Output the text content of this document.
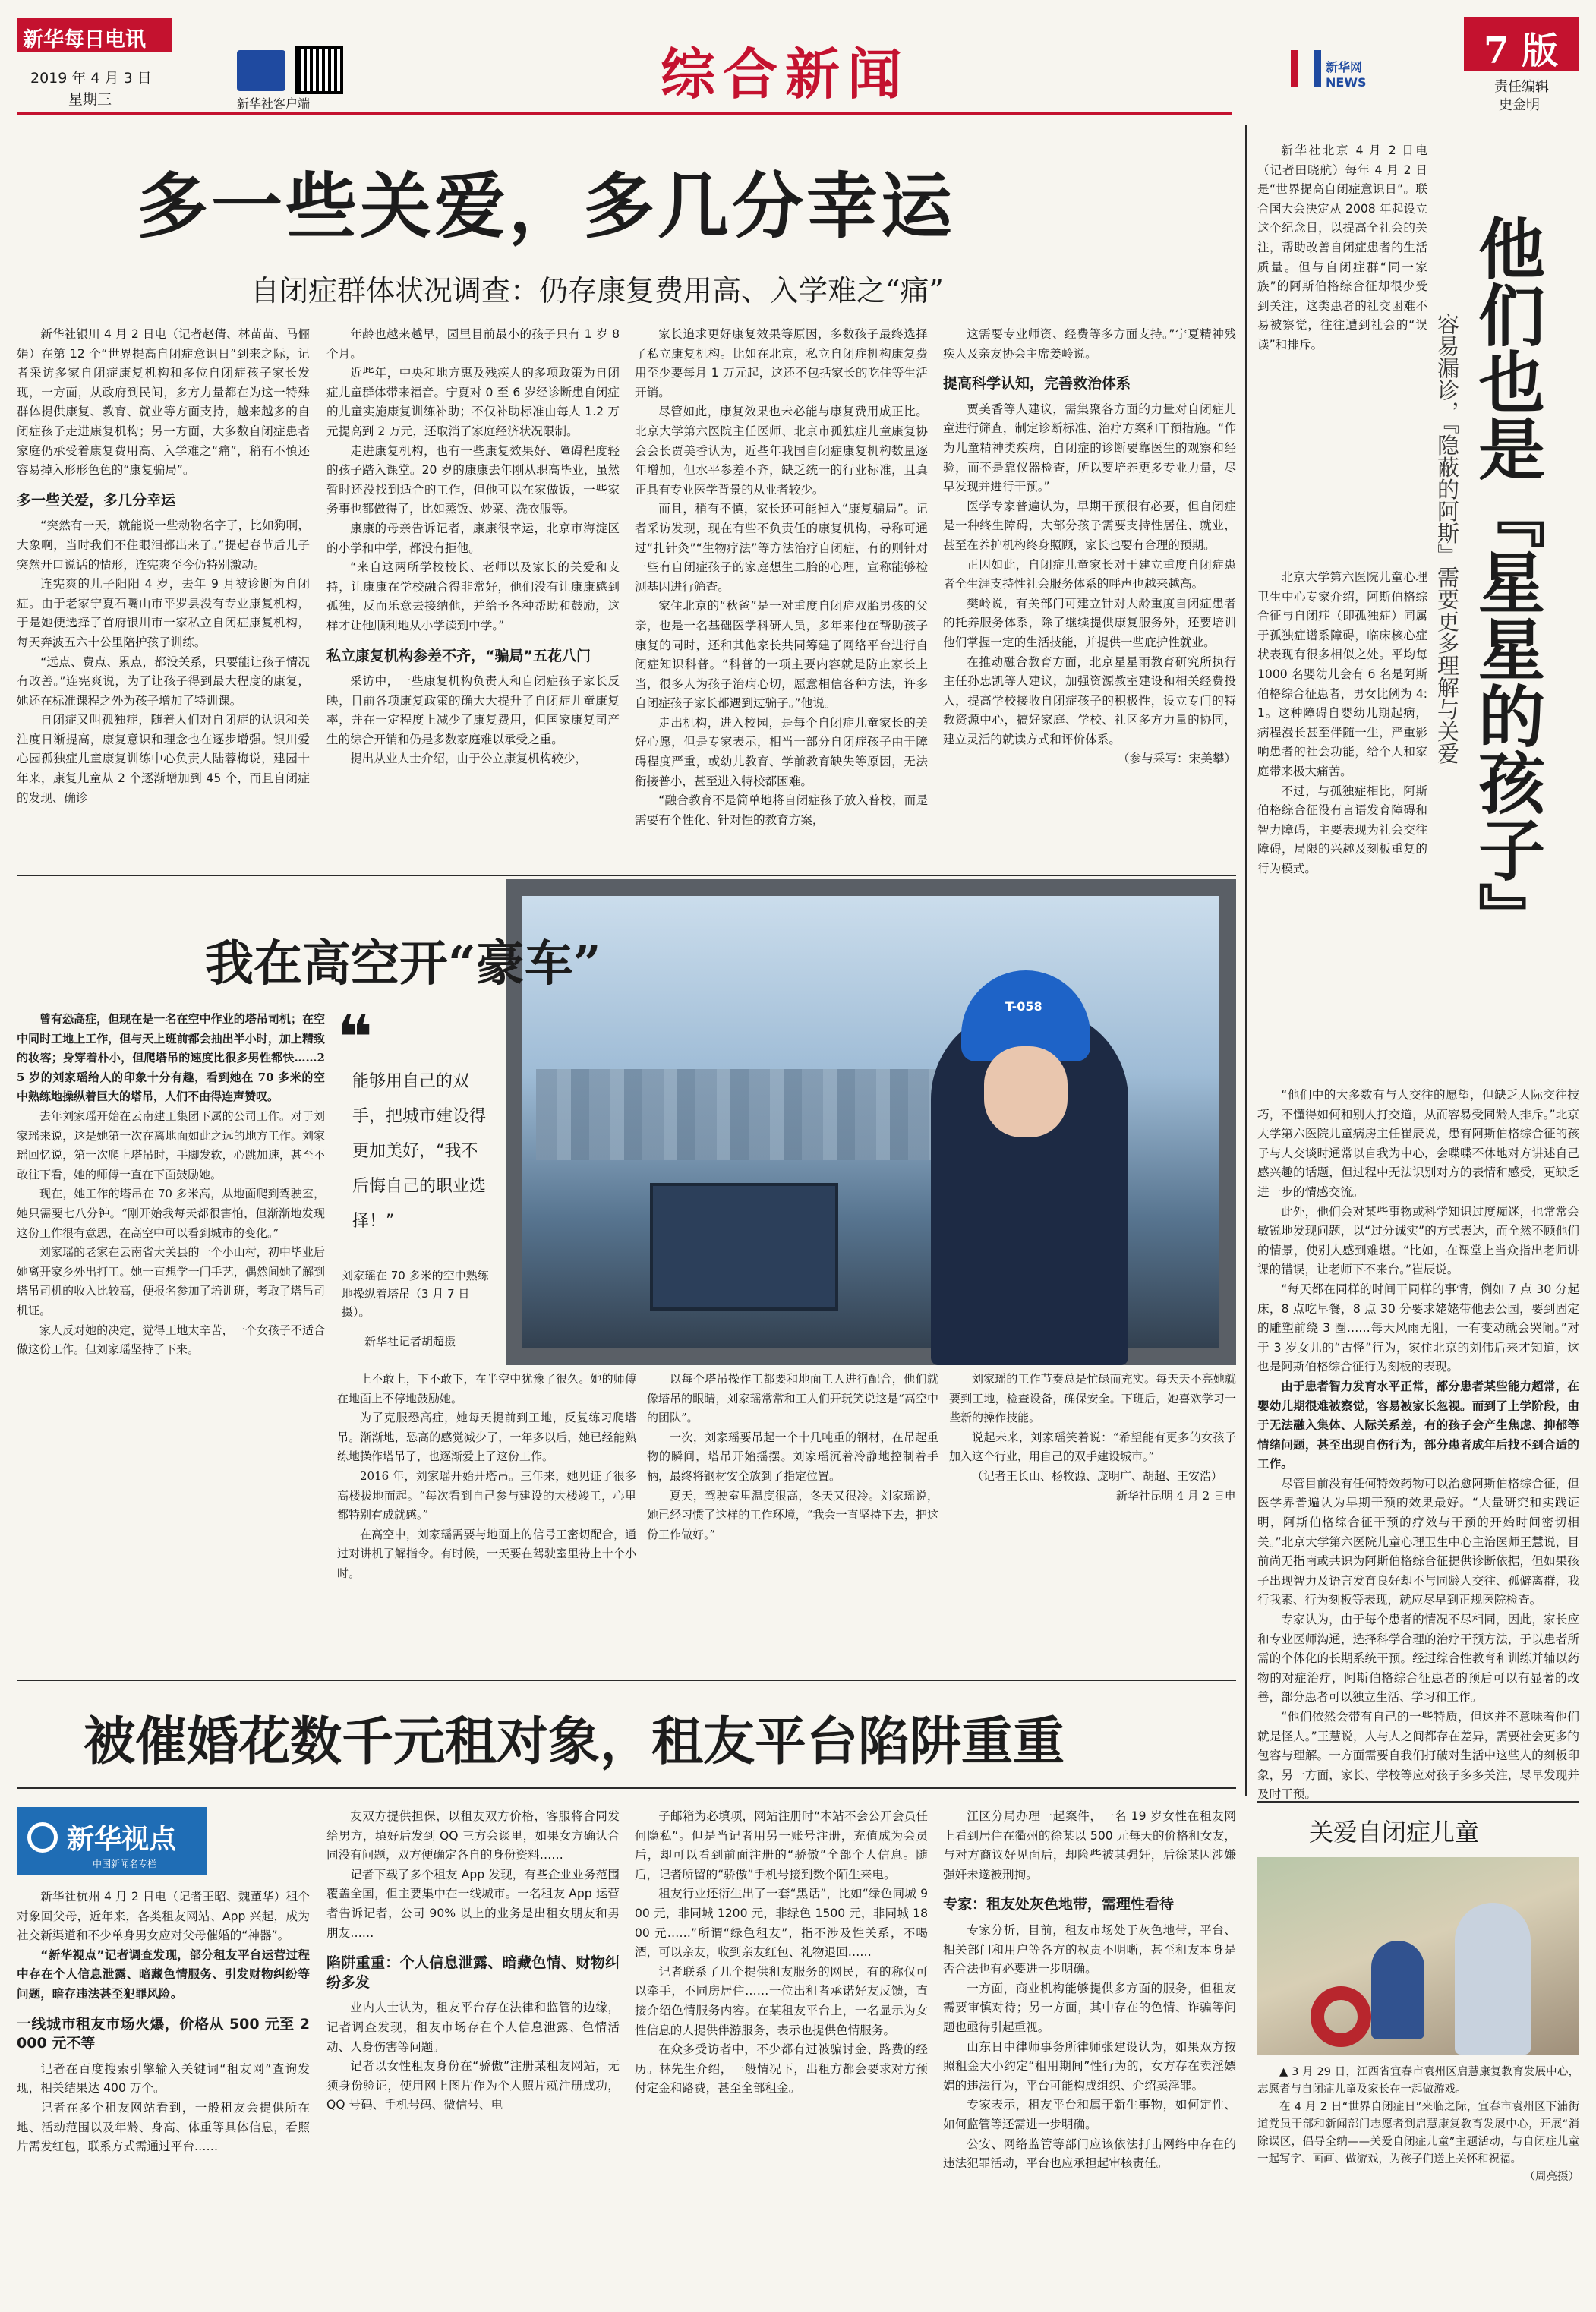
新华每日电讯
2019 年 4 月 3 日
星期三	新华社客户端	综合新闻	新华网 NEWS
7 版
责任编辑
史金明
多一些关爱，多几分幸运
自闭症群体状况调查：仍存康复费用高、入学难之“痛”

新华社银川 4 月 2 日电（记者赵倩、林苗苗、马俪娟）在第 12 个“世界提高自闭症意识日”到来之际，记者采访多家自闭症康复机构和多位自闭症孩子家长发现，一方面，从政府到民间，多方力量都在为这一特殊群体提供康复、教育、就业等方面支持，越来越多的自闭症孩子走进康复机构；另一方面，大多数自闭症患者家庭仍承受着康复费用高、入学难之“痛”，稍有不慎还容易掉入形形色色的“康复骗局”。

多一些关爱，多几分幸运

“突然有一天，就能说一些动物名字了，比如狗啊，大象啊，当时我们不住眼泪都出来了。”提起春节后儿子突然开口说话的情形，连宪爽至今仍特别激动。

连宪爽的儿子阳阳 4 岁，去年 9 月被诊断为自闭症。由于老家宁夏石嘴山市平罗县没有专业康复机构，于是她便选择了首府银川市一家私立自闭症康复机构，每天奔波五六十公里陪护孩子训练。

“远点、费点、累点，都没关系，只要能让孩子情况有改善。”连宪爽说，为了让孩子得到最大程度的康复，她还在标准课程之外为孩子增加了特训课。

自闭症又叫孤独症，随着人们对自闭症的认识和关注度日渐提高，康复意识和理念也在逐步增强。银川爱心园孤独症儿童康复训练中心负责人陆蓉梅说，建园十年来，康复儿童从 2 个逐渐增加到 45 个，而且自闭症的发现、确诊

年龄也越来越早，园里目前最小的孩子只有 1 岁 8 个月。

近些年，中央和地方惠及残疾人的多项政策为自闭症儿童群体带来福音。宁夏对 0 至 6 岁经诊断患自闭症的儿童实施康复训练补助；不仅补助标准由每人 1.2 万元提高到 2 万元，还取消了家庭经济状况限制。

走进康复机构，也有一些康复效果好、障碍程度轻的孩子踏入课堂。20 岁的康康去年刚从职高毕业，虽然暂时还没找到适合的工作，但他可以在家做饭，一些家务事也都做得了，比如蒸饭、炒菜、洗衣服等。

康康的母亲告诉记者，康康很幸运，北京市海淀区的小学和中学，都没有拒他。

“来自这两所学校校长、老师以及家长的关爱和支持，让康康在学校融合得非常好，他们没有让康康感到孤独，反而乐意去接纳他，并给予各种帮助和鼓励，这样才让他顺利地从小学读到中学。”

私立康复机构参差不齐，“骗局”五花八门

采访中，一些康复机构负责人和自闭症孩子家长反映，目前各项康复政策的确大大提升了自闭症儿童康复率，并在一定程度上减少了康复费用，但国家康复司产生的综合开销和仍是多数家庭难以承受之重。

提出从业人士介绍，由于公立康复机构较少，

家长追求更好康复效果等原因，多数孩子最终选择了私立康复机构。比如在北京，私立自闭症机构康复费用至少要每月 1 万元起，这还不包括家长的吃住等生活开销。

尽管如此，康复效果也未必能与康复费用成正比。北京大学第六医院主任医师、北京市孤独症儿童康复协会会长贾美香认为，近些年我国自闭症康复机构数量逐年增加，但水平参差不齐，缺乏统一的行业标准，且真正具有专业医学背景的从业者较少。

而且，稍有不慎，家长还可能掉入“康复骗局”。记者采访发现，现在有些不负责任的康复机构，导称可通过“扎针灸”“生物疗法”等方法治疗自闭症，有的则针对一些有自闭症孩子的家庭想生二胎的心理，宣称能够检测基因进行筛查。

家住北京的“秋爸”是一对重度自闭症双胎男孩的父亲，也是一名基础医学科研人员，多年来他在帮助孩子康复的同时，还和其他家长共同筹建了网络平台进行自闭症知识科普。“科普的一项主要内容就是防止家长上当，很多人为孩子治病心切，愿意相信各种方法，许多自闭症孩子家长都遇到过骗子。”他说。

走出机构，进入校园，是每个自闭症儿童家长的美好心愿，但是专家表示，相当一部分自闭症孩子由于障碍程度严重，或幼儿教育、学前教育缺失等原因，无法衔接普小，甚至进入特校都困难。

“融合教育不是简单地将自闭症孩子放入普校，而是需要有个性化、针对性的教育方案，

这需要专业师资、经费等多方面支持。”宁夏精神残疾人及亲友协会主席姜岭说。

提高科学认知，完善救治体系

贾美香等人建议，需集聚各方面的力量对自闭症儿童进行筛查，制定诊断标准、治疗方案和干预措施。“作为儿童精神类疾病，自闭症的诊断要靠医生的观察和经验，而不是靠仪器检查，所以要培养更多专业力量，尽早发现并进行干预。”

医学专家普遍认为，早期干预很有必要，但自闭症是一种终生障碍，大部分孩子需要支持性居住、就业，甚至在养护机构终身照顾，家长也要有合理的预期。

正因如此，自闭症儿童家长对于建立重度自闭症患者全生涯支持性社会服务体系的呼声也越来越高。

樊岭说，有关部门可建立针对大龄重度自闭症患者的托养服务体系，除了继续提供康复服务外，还要培训他们掌握一定的生活技能，并提供一些庇护性就业。

在推动融合教育方面，北京星星雨教育研究所执行主任孙忠凯等人建议，加强资源教室建设和相关经费投入，提高学校接收自闭症孩子的积极性，设立专门的特教资源中心，搞好家庭、学校、社区多方力量的协同，建立灵活的就读方式和评价体系。

（参与采写：宋美攀）

T-058
我在高空开“豪车”

曾有恐高症，但现在是一名在空中作业的塔吊司机；在空中同时工地上工作，但与天上班前都会抽出半小时，加上精致的妆容；身穿着朴小，但爬塔吊的速度比很多男性都快……25 岁的刘家瑶给人的印象十分有趣，看到她在 70 多米的空中熟练地操纵着巨大的塔吊，人们不由得连声赞叹。

去年刘家瑶开始在云南建工集团下属的公司工作。对于刘家瑶来说，这是她第一次在离地面如此之远的地方工作。刘家瑶回忆说，第一次爬上塔吊时，手脚发软，心跳加速，甚至不敢往下看，她的师傅一直在下面鼓励她。

现在，她工作的塔吊在 70 多米高，从地面爬到驾驶室，她只需要七八分钟。“刚开始我每天都很害怕，但渐渐地发现这份工作很有意思，在高空中可以看到城市的变化。”

刘家瑶的老家在云南省大关县的一个小山村，初中毕业后她离开家乡外出打工。她一直想学一门手艺，偶然间她了解到塔吊司机的收入比较高，便报名参加了培训班，考取了塔吊司机证。

家人反对她的决定，觉得工地太辛苦，一个女孩子不适合做这份工作。但刘家瑶坚持了下来。

❝
能够用自己的双手，把城市建设得更加美好，“我不后悔自己的职业选择！”
刘家瑶在 70 多米的空中熟练地操纵着塔吊（3 月 7 日摄）。
新华社记者胡超摄

上不敢上，下不敢下，在半空中犹豫了很久。她的师傅在地面上不停地鼓励她。

为了克服恐高症，她每天提前到工地，反复练习爬塔吊。渐渐地，恐高的感觉减少了，一年多以后，她已经能熟练地操作塔吊了，也逐渐爱上了这份工作。

2016 年，刘家瑶开始开塔吊。三年来，她见证了很多高楼拔地而起。“每次看到自己参与建设的大楼竣工，心里都特别有成就感。”

在高空中，刘家瑶需要与地面上的信号工密切配合，通过对讲机了解指令。有时候，一天要在驾驶室里待上十个小时。

以每个塔吊操作工都要和地面工人进行配合，他们就像塔吊的眼睛，刘家瑶常常和工人们开玩笑说这是“高空中的团队”。

一次，刘家瑶要吊起一个十几吨重的钢材，在吊起重物的瞬间，塔吊开始摇摆。刘家瑶沉着冷静地控制着手柄，最终将钢材安全放到了指定位置。

夏天，驾驶室里温度很高，冬天又很冷。刘家瑶说，她已经习惯了这样的工作环境，“我会一直坚持下去，把这份工作做好。”

刘家瑶的工作节奏总是忙碌而充实。每天天不亮她就要到工地，检查设备，确保安全。下班后，她喜欢学习一些新的操作技能。

说起未来，刘家瑶笑着说：“希望能有更多的女孩子加入这个行业，用自己的双手建设城市。”

（记者王长山、杨牧源、庞明广、胡超、王安浩）

新华社昆明 4 月 2 日电

被催婚花数千元租对象，租友平台陷阱重重
新华视点
中国新闻名专栏

新华社杭州 4 月 2 日电（记者王昭、魏董华）租个对象回父母，近年来，各类租友网站、App 兴起，成为社交新渠道和不少单身男女应对父母催婚的“神器”。

“新华视点”记者调查发现，部分租友平台运营过程中存在个人信息泄露、暗藏色情服务、引发财物纠纷等问题，暗存违法甚至犯罪风险。

一线城市租友市场火爆，价格从 500 元至 2000 元不等

记者在百度搜索引擎输入关键词“租友网”查询发现，相关结果达 400 万个。

记者在多个租友网站看到，一般租友会提供所在地、活动范围以及年龄、身高、体重等具体信息，看照片需发红包，联系方式需通过平台……

友双方提供担保，以租友双方价格，客服将合同发给男方，填好后发到 QQ 三方会谈里，如果女方确认合同没有问题，双方便确定各自的身份资料……

记者下载了多个租友 App 发现，有些企业业务范围覆盖全国，但主要集中在一线城市。一名租友 App 运营者告诉记者，公司 90% 以上的业务是出租女朋友和男朋友……

陷阱重重：个人信息泄露、暗藏色情、财物纠纷多发

业内人士认为，租友平台存在法律和监管的边缘，记者调查发现，租友市场存在个人信息泄露、色情活动、人身伤害等问题。

记者以女性租友身份在“骄傲”注册某租友网站，无须身份验证，使用网上图片作为个人照片就注册成功，QQ 号码、手机号码、微信号、电

子邮箱为必填项，网站注册时“本站不会公开会员任何隐私”。但是当记者用另一账号注册，充值成为会员后，却可以看到前面注册的“骄傲”全部个人信息。随后，记者所留的“骄傲”手机号接到数个陌生来电。

租友行业还衍生出了一套“黑话”，比如“绿色同城 900 元，非同城 1200 元，非绿色 1500 元，非同城 1800 元……”所谓“绿色租友”，指不涉及性关系，不喝酒，可以亲友，收到亲友红包、礼物退回……

记者联系了几个提供租友服务的网民，有的称仅可以牵手，不同房居住……一位出租者承诺好友反馈，直接介绍色情服务内容。在某租友平台上，一名显示为女性信息的人提供伴游服务，表示也提供色情服务。

在众多受访者中，不少都有过被骗讨金、路费的经历。林先生介绍，一般情况下，出租方都会要求对方预付定金和路费，甚至全部租金。

江区分局办理一起案件，一名 19 岁女性在租友网上看到居住在衢州的徐某以 500 元每天的价格租女友，与对方商议好见面后，却险些被其强奸，后徐某因涉嫌强奸未遂被刑拘。

专家：租友处灰色地带，需理性看待

专家分析，目前，租友市场处于灰色地带，平台、相关部门和用户等各方的权责不明晰，甚至租友本身是否合法也有必要进一步明确。

一方面，商业机构能够提供多方面的服务，但租友需要审慎对待；另一方面，其中存在的色情、诈骗等问题也亟待引起重视。

山东日中律师事务所律师张建设认为，如果双方按照租金大小约定“租用期间”性行为的，女方存在卖淫嫖娼的违法行为，平台可能构成组织、介绍卖淫罪。

专家表示，租友平台和属于新生事物，如何定性、如何监管等还需进一步明确。

公安、网络监管等部门应该依法打击网络中存在的违法犯罪活动，平台也应承担起审核责任。

新华社北京 4 月 2 日电（记者田晓航）每年 4 月 2 日是“世界提高自闭症意识日”。联合国大会决定从 2008 年起设立这个纪念日，以提高全社会的关注，帮助改善自闭症患者的生活质量。但与自闭症群“同一家族”的阿斯伯格综合征却很少受到关注，这类患者的社交困难不易被察觉，往往遭到社会的“误读”和排斥。	他们也是『星星的孩子』
容易漏诊，『隐蔽的阿斯』需要更多理解与关爱

北京大学第六医院儿童心理卫生中心专家介绍，阿斯伯格综合征与自闭症（即孤独症）同属于孤独症谱系障碍，临床核心症状表现有很多相似之处。平均每 1000 名婴幼儿会有 6 名是阿斯伯格综合征患者，男女比例为 4:1。这种障碍自婴幼儿期起病，病程漫长甚至伴随一生，严重影响患者的社会功能，给个人和家庭带来极大痛苦。

不过，与孤独症相比，阿斯伯格综合征没有言语发育障碍和智力障碍，主要表现为社会交往障碍，局限的兴趣及刻板重复的行为模式。

“他们中的大多数有与人交往的愿望，但缺乏人际交往技巧，不懂得如何和别人打交道，从而容易受同龄人排斥。”北京大学第六医院儿童病房主任崔辰说，患有阿斯伯格综合征的孩子与人交谈时通常以自我为中心，会喋喋不休地对方讲述自己感兴趣的话题，但过程中无法识别对方的表情和感受，更缺乏进一步的情感交流。

此外，他们会对某些事物或科学知识过度痴迷，也常常会敏锐地发现问题，以“过分诚实”的方式表达，而全然不顾他们的情景，使别人感到难堪。“比如，在课堂上当众指出老师讲课的错误，让老师下不来台。”崔辰说。

“每天都在同样的时间干同样的事情，例如 7 点 30 分起床，8 点吃早餐，8 点 30 分要求姥姥带他去公园，要到固定的雕塑前绕 3 圈……每天风雨无阻，一有变动就会哭闹。”对于 3 岁女儿的“古怪”行为，家住北京的刘伟后来才知道，这也是阿斯伯格综合征行为刻板的表现。

由于患者智力发育水平正常，部分患者某些能力超常，在婴幼儿期很难被察觉，容易被家长忽视。而到了上学阶段，由于无法融入集体、人际关系差，有的孩子会产生焦虑、抑郁等情绪问题，甚至出现自伤行为，部分患者成年后找不到合适的工作。

尽管目前没有任何特效药物可以治愈阿斯伯格综合征，但医学界普遍认为早期干预的效果最好。“大量研究和实践证明，阿斯伯格综合征干预的疗效与干预的开始时间密切相关。”北京大学第六医院儿童心理卫生中心主治医师王慧说，目前尚无指南或共识为阿斯伯格综合征提供诊断依据，但如果孩子出现智力及语言发育良好却不与同龄人交往、孤僻离群，我行我素、行为刻板等表现，就应尽早到正规医院检查。

专家认为，由于每个患者的情况不尽相同，因此，家长应和专业医师沟通，选择科学合理的治疗干预方法，于以患者所需的个体化的长期系统干预。经过综合性教育和训练并辅以药物的对症治疗，阿斯伯格综合征患者的预后可以有显著的改善，部分患者可以独立生活、学习和工作。

“他们依然会带有自己的一些特质，但这并不意味着他们就是怪人。”王慧说，人与人之间都存在差异，需要社会更多的包容与理解。一方面需要自我们打破对生活中这些人的刻板印象，另一方面，家长、学校等应对孩子多多关注，尽早发现并及时干预。

关爱自闭症儿童

▲ 3 月 29 日，江西省宜春市袁州区启慧康复教育发展中心，志愿者与自闭症儿童及家长在一起做游戏。

在 4 月 2 日“世界自闭症日”来临之际，宜春市袁州区下浦街道党员干部和新闻部门志愿者到启慧康复教育发展中心，开展“消除误区，倡导全纳——关爱自闭症儿童”主题活动，与自闭症儿童一起写字、画画、做游戏，为孩子们送上关怀和祝福。

（周亮摄）
